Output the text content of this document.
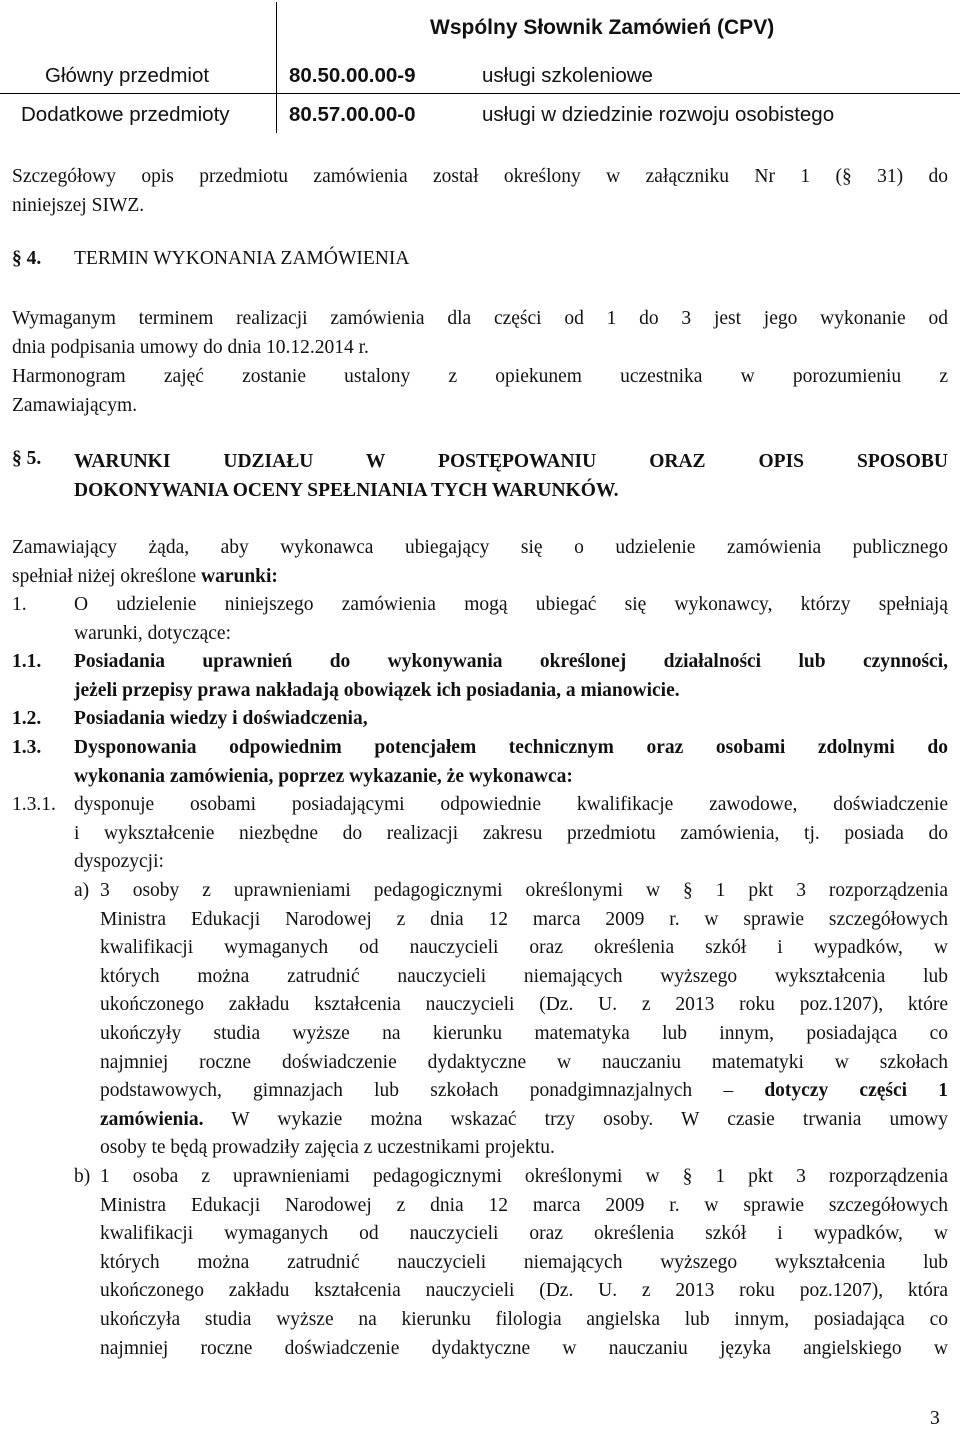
Wspólny Słownik Zamówień (CPV)
Główny przedmiot	80.50.00.00-9	usługi szkoleniowe
Dodatkowe przedmioty	80.57.00.00-0	usługi w dziedzinie rozwoju osobistego
Szczegółowy opis przedmiotu zamówienia został określony w załączniku Nr 1 (§ 31) do
niniejszej SIWZ.
§ 4. TERMIN WYKONANIA ZAMÓWIENIA
Wymaganym terminem realizacji zamówienia dla części od 1 do 3 jest jego wykonanie od
dnia podpisania umowy do dnia 10.12.2014 r.
Harmonogram zajęć zostanie ustalony z opiekunem uczestnika w porozumieniu z
Zamawiającym.
§ 5. WARUNKI UDZIAŁU W POSTĘPOWANIU ORAZ OPIS SPOSOBU
DOKONYWANIA OCENY SPEŁNIANIA TYCH WARUNKÓW.
Zamawiający żąda, aby wykonawca ubiegający się o udzielenie zamówienia publicznego
spełniał niżej określone warunki:
1. O udzielenie niniejszego zamówienia mogą ubiegać się wykonawcy, którzy spełniają
warunki, dotyczące:
1.1. Posiadania uprawnień do wykonywania określonej działalności lub czynności,
jeżeli przepisy prawa nakładają obowiązek ich posiadania, a mianowicie.
1.2. Posiadania wiedzy i doświadczenia,
1.3. Dysponowania odpowiednim potencjałem technicznym oraz osobami zdolnymi do
wykonania zamówienia, poprzez wykazanie, że wykonawca:
1.3.1. dysponuje osobami posiadającymi odpowiednie kwalifikacje zawodowe, doświadczenie
i wykształcenie niezbędne do realizacji zakresu przedmiotu zamówienia, tj. posiada do
dyspozycji:
a) 3 osoby z uprawnieniami pedagogicznymi określonymi w § 1 pkt 3 rozporządzenia
Ministra Edukacji Narodowej z dnia 12 marca 2009 r. w sprawie szczegółowych
kwalifikacji wymaganych od nauczycieli oraz określenia szkół i wypadków, w
których można zatrudnić nauczycieli niemających wyższego wykształcenia lub
ukończonego zakładu kształcenia nauczycieli (Dz. U. z 2013 roku poz.1207), które
ukończyły studia wyższe na kierunku matematyka lub innym, posiadająca co
najmniej roczne doświadczenie dydaktyczne w nauczaniu matematyki w szkołach
podstawowych, gimnazjach lub szkołach ponadgimnazjalnych – dotyczy części 1
zamówienia. W wykazie można wskazać trzy osoby. W czasie trwania umowy
osoby te będą prowadziły zajęcia z uczestnikami projektu.
b) 1 osoba z uprawnieniami pedagogicznymi określonymi w § 1 pkt 3 rozporządzenia
Ministra Edukacji Narodowej z dnia 12 marca 2009 r. w sprawie szczegółowych
kwalifikacji wymaganych od nauczycieli oraz określenia szkół i wypadków, w
których można zatrudnić nauczycieli niemających wyższego wykształcenia lub
ukończonego zakładu kształcenia nauczycieli (Dz. U. z 2013 roku poz.1207), która
ukończyła studia wyższe na kierunku filologia angielska lub innym, posiadająca co
najmniej roczne doświadczenie dydaktyczne w nauczaniu języka angielskiego w
3
